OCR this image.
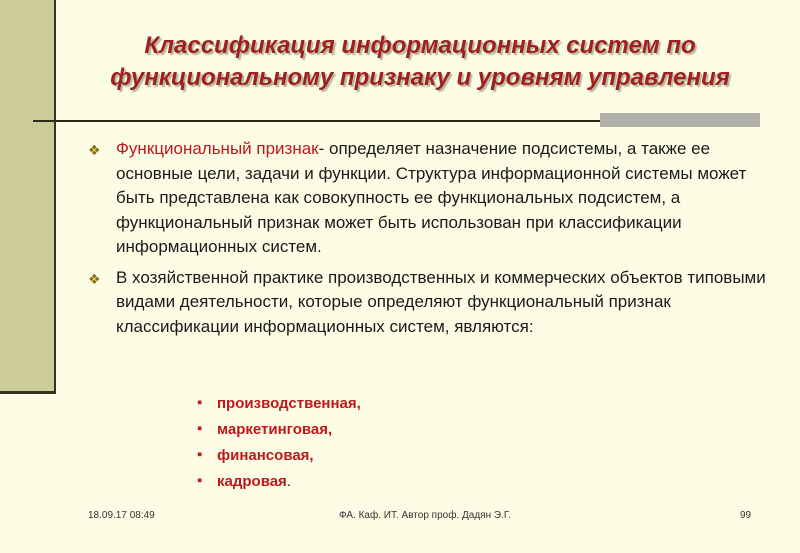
Классификация информационных систем по функциональному признаку и уровням управления
❖ Функциональный признак- определяет назначение подсистемы, а также ее основные цели, задачи и функции. Структура информационной системы может быть представлена как совокупность ее функциональных подсистем, а функциональный признак может быть использован при классификации информационных систем.
❖ В хозяйственной практике производственных и коммерческих объектов типовыми видами деятельности, которые определяют функциональный признак классификации информационных систем, являются:
▪ производственная,
▪ маркетинговая,
▪ финансовая,
▪ кадровая.
18.09.17 08:49	ФА. Каф. ИТ. Автор проф. Дадян Э.Г.	99
